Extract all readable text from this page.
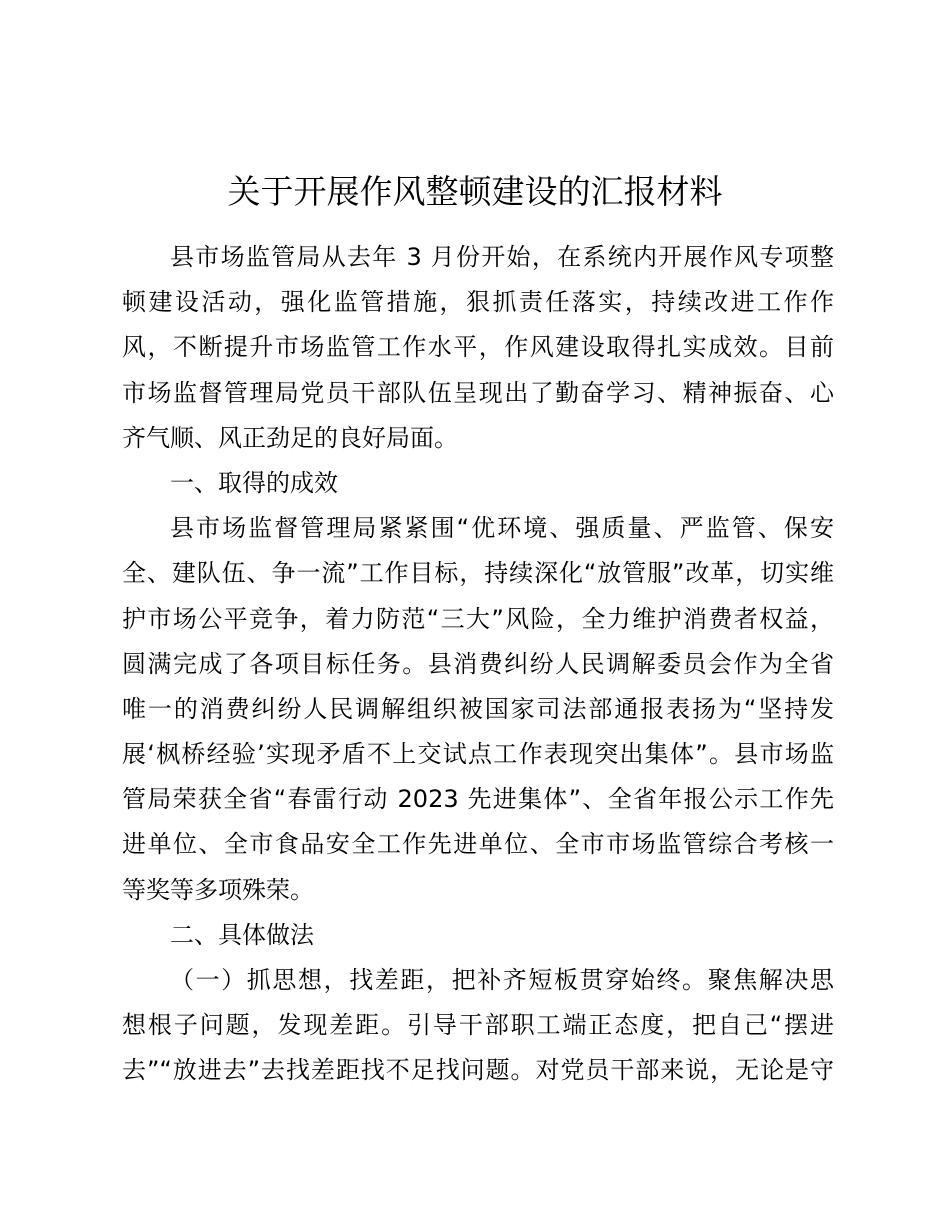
关于开展作风整顿建设的汇报材料
县市场监管局从去年 3 月份开始，在系统内开展作风专项整
顿建设活动，强化监管措施，狠抓责任落实，持续改进工作作
风，不断提升市场监管工作水平，作风建设取得扎实成效。目前
市场监督管理局党员干部队伍呈现出了勤奋学习、精神振奋、心
齐气顺、风正劲足的良好局面。
一、取得的成效
县市场监督管理局紧紧围“优环境、强质量、严监管、保安
全、建队伍、争一流”工作目标，持续深化“放管服”改革，切实维
护市场公平竞争，着力防范“三大”风险，全力维护消费者权益，
圆满完成了各项目标任务。县消费纠纷人民调解委员会作为全省
唯一的消费纠纷人民调解组织被国家司法部通报表扬为“坚持发
展‘枫桥经验’实现矛盾不上交试点工作表现突出集体”。县市场监
管局荣获全省“春雷行动 2023 先进集体”、全省年报公示工作先
进单位、全市食品安全工作先进单位、全市市场监管综合考核一
等奖等多项殊荣。
二、具体做法
（一）抓思想，找差距，把补齐短板贯穿始终。聚焦解决思
想根子问题，发现差距。引导干部职工端正态度，把自己“摆进
去”“放进去”去找差距找不足找问题。对党员干部来说，无论是守
